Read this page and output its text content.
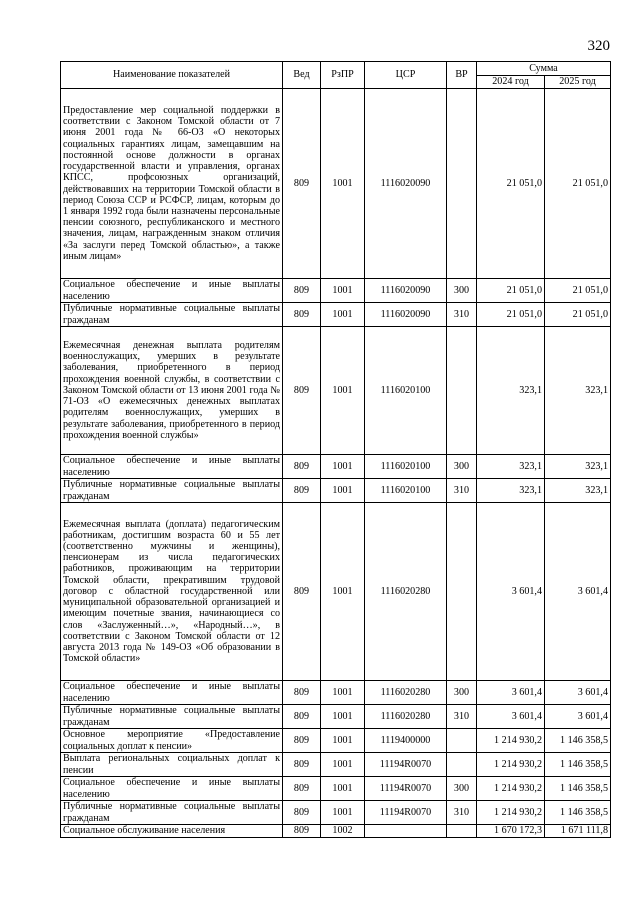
320
Наименование показателей	Вед	РзПР	ЦСР	ВР	Сумма	
					2024 год	2025 год
Предоставление мер социальной поддержки в соответствии с Законом Томской области от 7 июня 2001 года № 66-ОЗ «О некоторых социальных гарантиях лицам, замещавшим на постоянной основе должности в органах государственной власти и управления, органах КПСС, профсоюзных организаций, действовавших на территории Томской области в период Союза ССР и РСФСР, лицам, которым до 1 января 1992 года были назначены персональные пенсии союзного, республиканского и местного значения, лицам, награжденным знаком отличия «За заслуги перед Томской областью», а также иным лицам»	809	1001	1116020090		21 051,0	21 051,0
Социальное обеспечение и иные выплаты населению	809	1001	1116020090	300	21 051,0	21 051,0
Публичные нормативные социальные выплаты гражданам	809	1001	1116020090	310	21 051,0	21 051,0
Ежемесячная денежная выплата родителям военнослужащих, умерших в результате заболевания, приобретенного в период прохождения военной службы, в соответствии с Законом Томской области от 13 июня 2001 года № 71-ОЗ «О ежемесячных денежных выплатах родителям военнослужащих, умерших в результате заболевания, приобретенного в период прохождения военной службы»	809	1001	1116020100		323,1	323,1
Социальное обеспечение и иные выплаты населению	809	1001	1116020100	300	323,1	323,1
Публичные нормативные социальные выплаты гражданам	809	1001	1116020100	310	323,1	323,1
Ежемесячная выплата (доплата) педагогическим работникам, достигшим возраста 60 и 55 лет (соответственно мужчины и женщины), пенсионерам из числа педагогических работников, проживающим на территории Томской области, прекратившим трудовой договор с областной государственной или муниципальной образовательной организацией и имеющим почетные звания, начинающиеся со слов «Заслуженный…», «Народный…», в соответствии с Законом Томской области от 12 августа 2013 года № 149-ОЗ «Об образовании в Томской области»	809	1001	1116020280		3 601,4	3 601,4
Социальное обеспечение и иные выплаты населению	809	1001	1116020280	300	3 601,4	3 601,4
Публичные нормативные социальные выплаты гражданам	809	1001	1116020280	310	3 601,4	3 601,4
Основное мероприятие «Предоставление социальных доплат к пенсии»	809	1001	1119400000		1 214 930,2	1 146 358,5
Выплата региональных социальных доплат к пенсии	809	1001	11194R0070		1 214 930,2	1 146 358,5
Социальное обеспечение и иные выплаты населению	809	1001	11194R0070	300	1 214 930,2	1 146 358,5
Публичные нормативные социальные выплаты гражданам	809	1001	11194R0070	310	1 214 930,2	1 146 358,5
Социальное обслуживание населения	809	1002			1 670 172,3	1 671 111,8
